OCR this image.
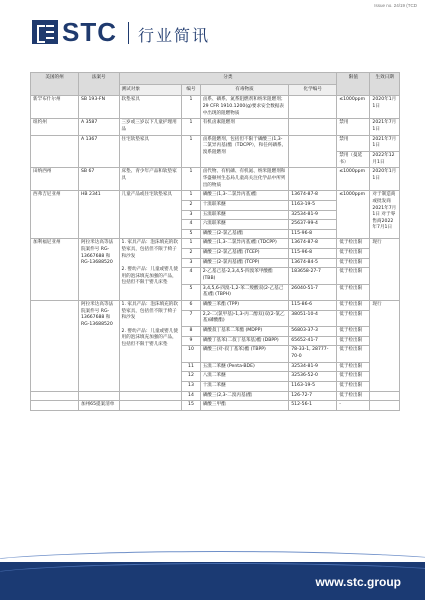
Issue no. 24/19 (TCD
STC 行业简讯
美国的州	法案号	分类				限值	生效日期
		测试对象	编号	有毒物质	化学编号		
新罕布什尔州	SB 193-FN	软垫家具	1	卤系、磷系、氮系阻燃剂和纳米阻燃剂；29 CFR 1910.1200(g)要求安全数据表中出现的阻燃物质		≤1000ppm	2020年1月1日
纽约州	A 3587	三岁或三岁以下儿童护理用品	1	有机卤素阻燃剂		禁用	2021年7月1日
	A 1367	住宅软垫家具	1	卤系阻燃剂，包括但不限于磷酸三(1,3-二氯异丙基)酯（TDCPP），和任何磷系、溴系阻燃剂		禁用	2021年7月1日
						禁用（曼延书）	2022年12月1日
田纳西州	SB 67	床垫、青少年产品和软垫家具	1	卤代物、有机磷、有机氮、纳米阻燃剂和华盛顿州生态局儿童高关注化学品中所列出的物质		≤1000ppm	2020年1月1日
西弗吉尼亚州	HB 2341	儿童产品或住宅软垫家具	1	磷酸三(1,3-二氯异丙基)酯	13674-87-8	≤1000ppm	对于制造商或批发商2021年7月1日 对于零售商2022年7月1日
			2	十溴联苯醚	1163-19-5		
			3	五溴联苯醚	32534-81-9		
			4	六溴联苯醚	25637-99-4		
			5	磷酸三(2-氯乙基)酯	115-96-8		
加利福尼亚州	阿拉米达高等法院案件号 RG-13667688 和RG-13688520	1. 家具产品：泡沫填充的软垫家具，包括但不限于椅子和沙发

2. 婴幼产品：儿童或婴儿使用的泡沫填充加强的产品，包括但不限于婴儿床垫	1	磷酸三(1,3-二氯异丙基)酯 (TDCPP)	13674-87-8	低于检出限	现行
			2	磷酸三(2-氯乙基)酯 (TCEP)	115-96-8	低于检出限	
			3	磷酸三(2-氯丙基)酯 (TCPP)	13674-84-5	低于检出限	
			4	2-乙基己基-2,3,4,5-四溴苯甲酸酯 (TBB)	183658-27-7	低于检出限	
			5	3,4,5,6-四溴-1,2-苯二羧酸双(2-乙基己基)酯 (TBPH)	26040-51-7	低于检出限	
	阿拉米达高等法院案件号 RG-13667688 和RG-13688520	1. 家具产品：泡沫填充的软垫家具，包括但不限于椅子和沙发

2. 婴幼产品：儿童或婴儿使用的泡沫填充加强的产品，包括但不限于婴儿床垫	6	磷酸三苯酯 (TPP)	115-86-6	低于检出限	现行
			7	2,2-二(氯甲基)-1,3-丙二醇双(双(2-氯乙基)磷酸酯)	38051-10-4	低于检出限	
			8	磷酸叔丁基苯二苯酯 (MDPP)	56803-37-3	低于检出限	
			9	磷酸丁基苯(二叔丁基苯基)酯 (DBPP)	65652-41-7	低于检出限	
			10	磷酸三(对-叔丁基苯)酯 (TBPP)	78-33-1, 28777-70-0	低于检出限	
			11	五溴二苯醚 (Penta-BDE)	32534-81-9	低于检出限	
			12	八溴二苯醚	32536-52-0	低于检出限	
			13	十溴二苯醚	1163-19-5	低于检出限	
			14	磷酸三(2,3-二溴丙基)酯	126-72-7	低于检出限	
	加州65提案清单		15	磷酸三甲酯	512-56-1	-	
www.stc.group
